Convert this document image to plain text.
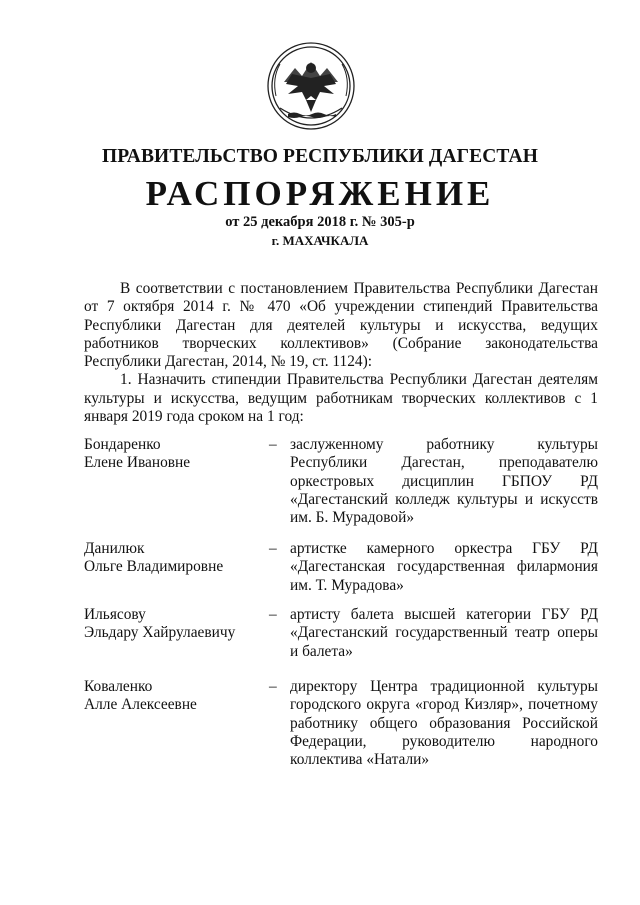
ПРАВИТЕЛЬСТВО РЕСПУБЛИКИ ДАГЕСТАН
РАСПОРЯЖЕНИЕ
от 25 декабря 2018 г. № 305-р
г. МАХАЧКАЛА

В соответствии с постановлением Правительства Республики Дагестан от 7 октября 2014 г. № 470 «Об учреждении стипендий Правительства Республики Дагестан для деятелей культуры и искусства, ведущих работников творческих коллективов» (Собрание законодательства Республики Дагестан, 2014, № 19, ст. 1124):

1. Назначить стипендии Правительства Республики Дагестан деятелям культуры и искусства, ведущим работникам творческих коллективов с 1 января 2019 года сроком на 1 год:

Бондаренко
Елене Ивановне
– заслуженному работнику культуры Республики Дагестан, преподавателю оркестровых дисциплин ГБПОУ РД «Дагестанский колледж культуры и искусств им. Б. Мурадовой»
Данилюк
Ольге Владимировне
– артистке камерного оркестра ГБУ РД «Дагестанская государственная филармония им. Т. Мурадова»
Ильясову
Эльдару Хайрулаевичу
– артисту балета высшей категории ГБУ РД «Дагестанский государственный театр оперы и балета»
Коваленко
Алле Алексеевне
– директору Центра традиционной культуры городского округа «город Кизляр», почетному работнику общего образования Российской Федерации, руководителю народного коллектива «Натали»
